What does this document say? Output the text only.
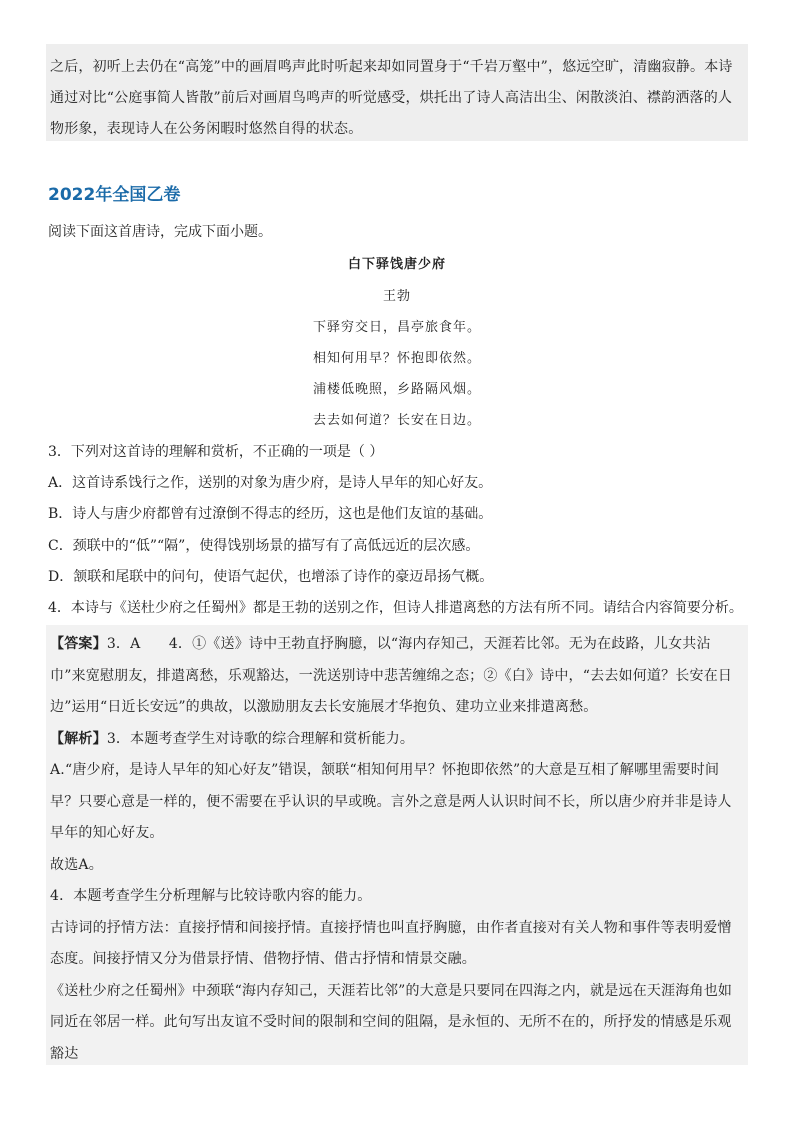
之后，初听上去仍在“高笼”中的画眉鸣声此时听起来却如同置身于“千岩万壑中”，悠远空旷，清幽寂静。本诗通过对比“公庭事简人皆散”前后对画眉鸟鸣声的听觉感受，烘托出了诗人高洁出尘、闲散淡泊、襟韵洒落的人物形象，表现诗人在公务闲暇时悠然自得的状态。

2022年全国乙卷

阅读下面这首唐诗，完成下面小题。

白下驿饯唐少府

王勃

下驿穷交日，昌亭旅食年。

相知何用早？怀抱即依然。

浦楼低晚照，乡路隔风烟。

去去如何道？长安在日边。

3．下列对这首诗的理解和赏析，不正确的一项是（ ）

A．这首诗系饯行之作，送别的对象为唐少府，是诗人早年的知心好友。

B．诗人与唐少府都曾有过潦倒不得志的经历，这也是他们友谊的基础。

C．颈联中的“低”“隔”，使得饯别场景的描写有了高低远近的层次感。

D．颔联和尾联中的问句，使语气起伏，也增添了诗作的豪迈昂扬气概。

4．本诗与《送杜少府之任蜀州》都是王勃的送别之作，但诗人排遣离愁的方法有所不同。请结合内容简要分析。

【答案】3．A　　4．①《送》诗中王勃直抒胸臆，以“海内存知己，天涯若比邻。无为在歧路，儿女共沾巾”来宽慰朋友，排遣离愁，乐观豁达，一洗送别诗中悲苦缠绵之态；②《白》诗中，“去去如何道？长安在日边”运用“日近长安远”的典故，以激励朋友去长安施展才华抱负、建功立业来排遣离愁。

【解析】3．本题考查学生对诗歌的综合理解和赏析能力。

A.“唐少府，是诗人早年的知心好友”错误，颔联“相知何用早？怀抱即依然”的大意是互相了解哪里需要时间早？只要心意是一样的，便不需要在乎认识的早或晚。言外之意是两人认识时间不长，所以唐少府并非是诗人早年的知心好友。

故选A。

4．本题考查学生分析理解与比较诗歌内容的能力。

古诗词的抒情方法：直接抒情和间接抒情。直接抒情也叫直抒胸臆，由作者直接对有关人物和事件等表明爱憎态度。间接抒情又分为借景抒情、借物抒情、借古抒情和情景交融。

《送杜少府之任蜀州》中颈联“海内存知己，天涯若比邻”的大意是只要同在四海之内，就是远在天涯海角也如同近在邻居一样。此句写出友谊不受时间的限制和空间的阻隔，是永恒的、无所不在的，所抒发的情感是乐观豁达
